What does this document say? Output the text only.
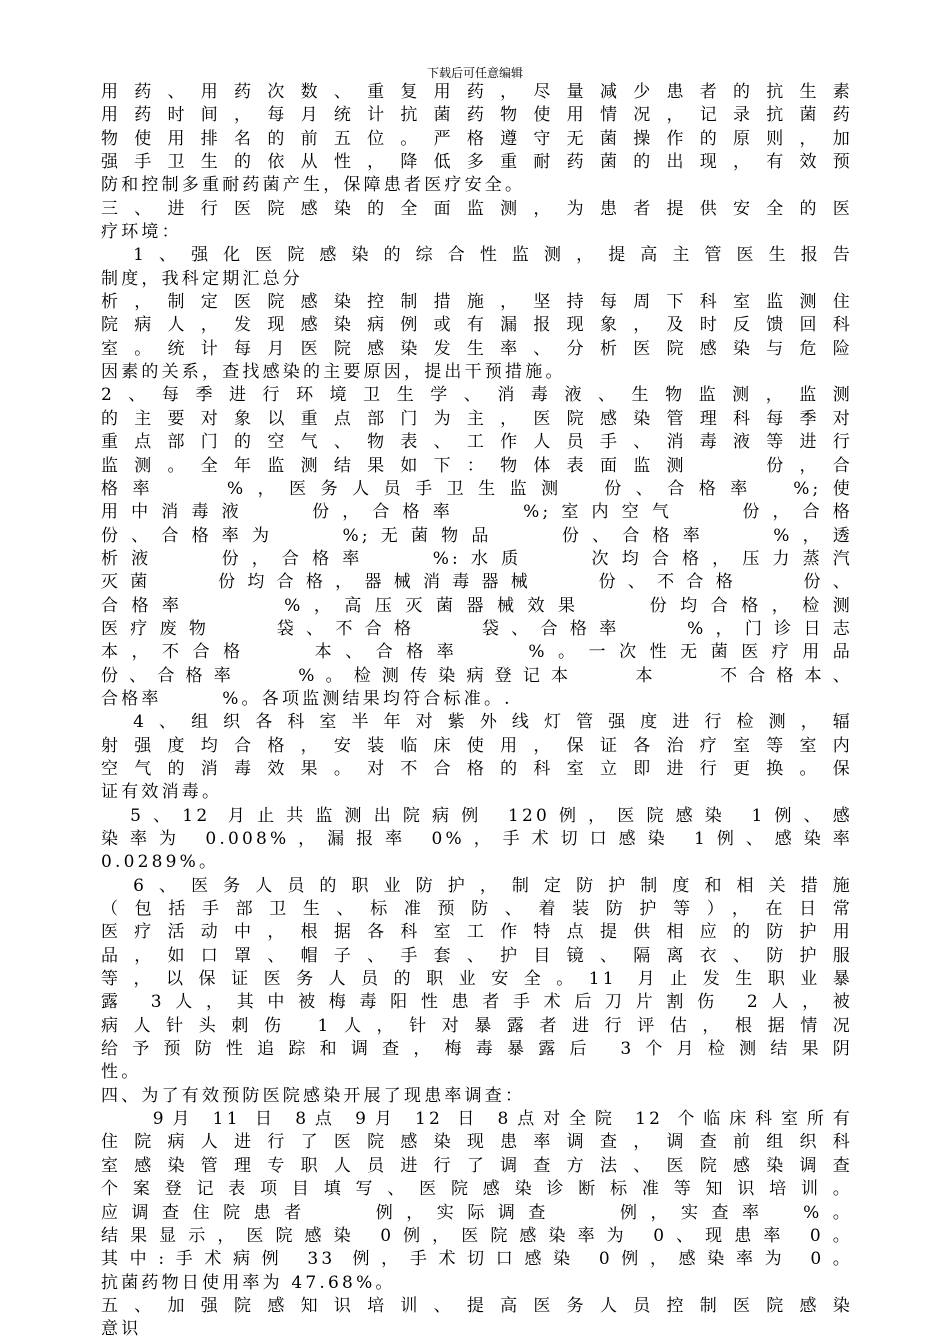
下载后可任意编辑
用药、用药次数、重复用药，尽量减少患者的抗生素
用药时间，每月统计抗菌药物使用情况，记录抗菌药
物使用排名的前五位。严格遵守无菌操作的原则，加
强手卫生的依从性，降低多重耐药菌的出现，有效预
防和控制多重耐药菌产生，保障患者医疗安全。
三、进行医院感染的全面监测，为患者提供安全的医
疗环境：
　1、强化医院感染的综合性监测，提高主管医生报告
制度，我科定期汇总分
析，制定医院感染控制措施，坚持每周下科室监测住
院病人，发现感染病例或有漏报现象，及时反馈回科
室。统计每月医院感染发生率、分析医院感染与危险
因素的关系，查找感染的主要原因，提出干预措施。
2、每季进行环境卫生学、消毒液、生物监测，监测
的主要对象以重点部门为主，医院感染管理科每季对
重点部门的空气、物表、工作人员手、消毒液等进行
监测。全年监测结果如下：物体表面监测　　份，合
格率　　%，医务人员手卫生监测　份、合格率　%;使
用中消毒液　　份，合格率　　%;室内空气　　份，合格
份、合格率为　　%;无菌物品　　份、合格率　　%，透
析液　　份，合格率　　%:水质　　次均合格，压力蒸汽
灭菌　　份均合格，器械消毒器械　　份、不合格　　份、
合格率　　　%，高压灭菌器械效果　　份均合格，检测
医疗废物　　袋、不合格　　袋、合格率　　%，门诊日志
本，不合格　　本、合格率　　%。一次性无菌医疗用品
份、合格率　　%。检测传染病登记本　　本　　不合格本、
合格率　　　%。各项监测结果均符合标准。.
　4、组织各科室半年对紫外线灯管强度进行检测，辐
射强度均合格，安装临床使用，保证各治疗室等室内
空气的消毒效果。对不合格的科室立即进行更换。保
证有效消毒。
　5、12 月止共监测出院病例 120例，医院感染 1例、感
染率为 0.008%，漏报率 0%，手术切口感染 1例、感染率
0.0289%。
　6、医务人员的职业防护，制定防护制度和相关措施
（包括手部卫生、标准预防、着装防护等），在日常
医疗活动中，根据各科室工作特点提供相应的防护用
品，如口罩、帽子、手套、护目镜、隔离衣、防护服
等，以保证医务人员的职业安全。11 月止发生职业暴
露 3人，其中被梅毒阳性患者手术后刀片割伤 2人，被
病人针头刺伤 1人，针对暴露者进行评估，根据情况
给予预防性追踪和调查，梅毒暴露后 3个月检测结果阴
性。
四、为了有效预防医院感染开展了现患率调查：
　　9月 11 日 8点 9月 12 日 8点对全院 12 个临床科室所有
住院病人进行了医院感染现患率调查，调查前组织科
室感染管理专职人员进行了调查方法、医院感染调查
个案登记表项目填写、医院感染诊断标准等知识培训。
应调查住院患者　　例，实际调查　　例，实查率　%。
结果显示，医院感染 0例，医院感染率为 0、现患率 0。
其中:手术病例 33 例，手术切口感染 0例，感染率为 0。
抗菌药物日使用率为 47.68%。
五、加强院感知识培训、提高医务人员控制医院感染
意识
